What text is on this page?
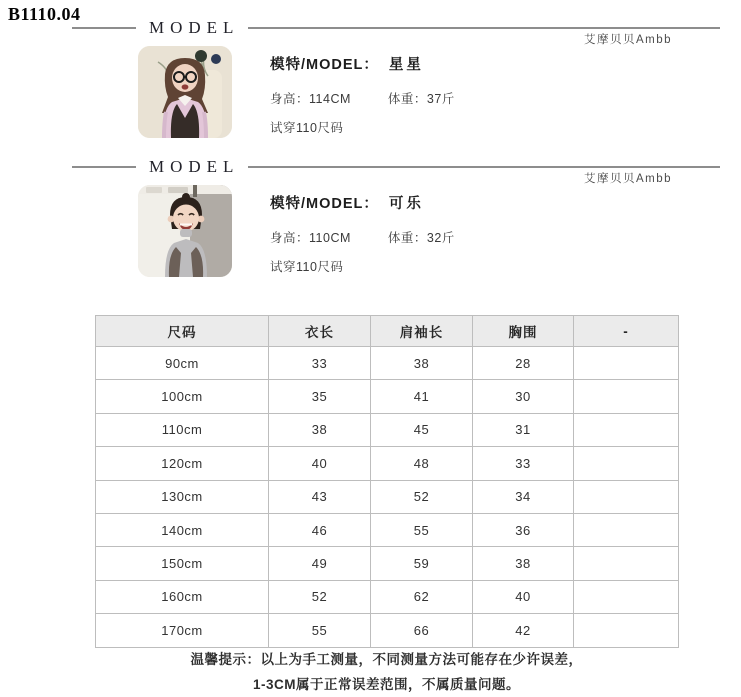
B1110.04
MODEL
艾摩贝贝Ambb
模特/MODEL： 星星
身高：114CM	体重：37斤
试穿110尺码
MODEL
艾摩贝贝Ambb
模特/MODEL： 可乐
身高：110CM	体重：32斤
试穿110尺码
尺码	衣长	肩袖长	胸围	-
90cm	33	38	28	
100cm	35	41	30	
110cm	38	45	31	
120cm	40	48	33	
130cm	43	52	34	
140cm	46	55	36	
150cm	49	59	38	
160cm	52	62	40	
170cm	55	66	42	
温馨提示：以上为手工测量，不同测量方法可能存在少许误差，
1-3CM属于正常误差范围，不属质量问题。
